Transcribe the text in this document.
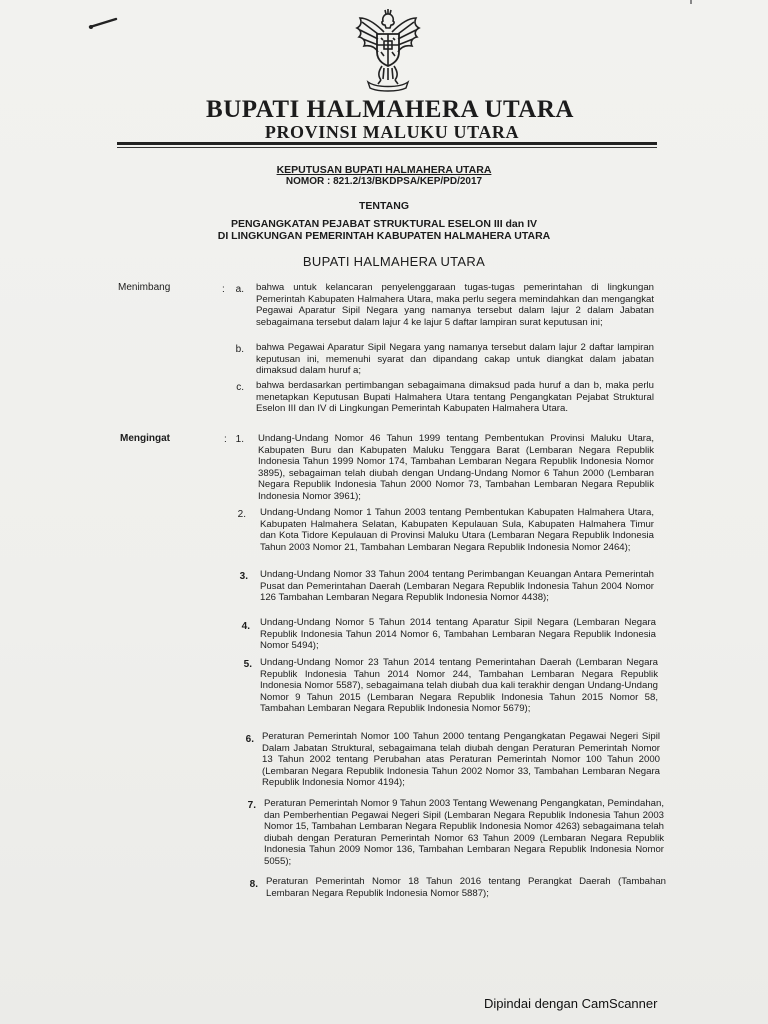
BUPATI HALMAHERA UTARA
PROVINSI MALUKU UTARA
KEPUTUSAN BUPATI HALMAHERA UTARA
NOMOR : 821.2/13/BKDPSA/KEP/PD/2017
TENTANG
PENGANGKATAN PEJABAT STRUKTURAL ESELON III dan IV
DI LINGKUNGAN PEMERINTAH KABUPATEN HALMAHERA UTARA
BUPATI HALMAHERA UTARA
Menimbang	:	a. bahwa untuk kelancaran penyelenggaraan tugas-tugas pemerintahan di lingkungan Pemerintah Kabupaten Halmahera Utara, maka perlu segera memindahkan dan mengangkat Pegawai Aparatur Sipil Negara yang namanya tersebut dalam lajur 2 dalam Jabatan sebagaimana tersebut dalam lajur 4 ke lajur 5 daftar lampiran surat keputusan ini;
b. bahwa Pegawai Aparatur Sipil Negara yang namanya tersebut dalam lajur 2 daftar lampiran keputusan ini, memenuhi syarat dan dipandang cakap untuk diangkat dalam jabatan dimaksud dalam huruf a;
c. bahwa berdasarkan pertimbangan sebagaimana dimaksud pada huruf a dan b, maka perlu menetapkan Keputusan Bupati Halmahera Utara tentang Pengangkatan Pejabat Struktural Eselon III dan IV di Lingkungan Pemerintah Kabupaten Halmahera Utara.
Mengingat	: 1. Undang-Undang Nomor 46 Tahun 1999 tentang Pembentukan Provinsi Maluku Utara, Kabupaten Buru dan Kabupaten Maluku Tenggara Barat (Lembaran Negara Republik Indonesia Tahun 1999 Nomor 174, Tambahan Lembaran Negara Republik Indonesia Nomor 3895), sebagaiman telah diubah dengan Undang-Undang Nomor 6 Tahun 2000 (Lembaran Negara Republik Indonesia Tahun 2000 Nomor 73, Tambahan Lembaran Negara Republik Indonesia Nomor 3961);
2. Undang-Undang Nomor 1 Tahun 2003 tentang Pembentukan Kabupaten Halmahera Utara, Kabupaten Halmahera Selatan, Kabupaten Kepulauan Sula, Kabupaten Halmahera Timur dan Kota Tidore Kepulauan di Provinsi Maluku Utara (Lembaran Negara Republik Indonesia Tahun 2003 Nomor 21, Tambahan Lembaran Negara Republik Indonesia Nomor 2464);
3. Undang-Undang Nomor 33 Tahun 2004 tentang Perimbangan Keuangan Antara Pemerintah Pusat dan Pemerintahan Daerah (Lembaran Negara Republik Indonesia Tahun 2004 Nomor 126 Tambahan Lembaran Negara Republik Indonesia Nomor 4438);
4. Undang-Undang Nomor 5 Tahun 2014 tentang Aparatur Sipil Negara (Lembaran Negara Republik Indonesia Tahun 2014 Nomor 6, Tambahan Lembaran Negara Republik Indonesia Nomor 5494);
5. Undang-Undang Nomor 23 Tahun 2014 tentang Pemerintahan Daerah (Lembaran Negara Republik Indonesia Tahun 2014 Nomor 244, Tambahan Lembaran Negara Republik Indonesia Nomor 5587), sebagaimana telah diubah dua kali terakhir dengan Undang-Undang Nomor 9 Tahun 2015 (Lembaran Negara Republik Indonesia Tahun 2015 Nomor 58, Tambahan Lembaran Negara Republik Indonesia Nomor 5679);
6. Peraturan Pemerintah Nomor 100 Tahun 2000 tentang Pengangkatan Pegawai Negeri Sipil Dalam Jabatan Struktural, sebagaimana telah diubah dengan Peraturan Pemerintah Nomor 13 Tahun 2002 tentang Perubahan atas Peraturan Pemerintah Nomor 100 Tahun 2000 (Lembaran Negara Republik Indonesia Tahun 2002 Nomor 33, Tambahan Lembaran Negara Republik Indonesia Nomor 4194);
7. Peraturan Pemerintah Nomor 9 Tahun 2003 Tentang Wewenang Pengangkatan, Pemindahan, dan Pemberhentian Pegawai Negeri Sipil (Lembaran Negara Republik Indonesia Tahun 2003 Nomor 15, Tambahan Lembaran Negara Republik Indonesia Nomor 4263) sebagaimana telah diubah dengan Peraturan Pemerintah Nomor 63 Tahun 2009 (Lembaran Negara Republik Indonesia Tahun 2009 Nomor 136, Tambahan Lembaran Negara Republik Indonesia Nomor 5055);
8. Peraturan Pemerintah Nomor 18 Tahun 2016 tentang Perangkat Daerah (Tambahan Lembaran Negara Republik Indonesia Nomor 5887);
Dipindai dengan CamScanner
